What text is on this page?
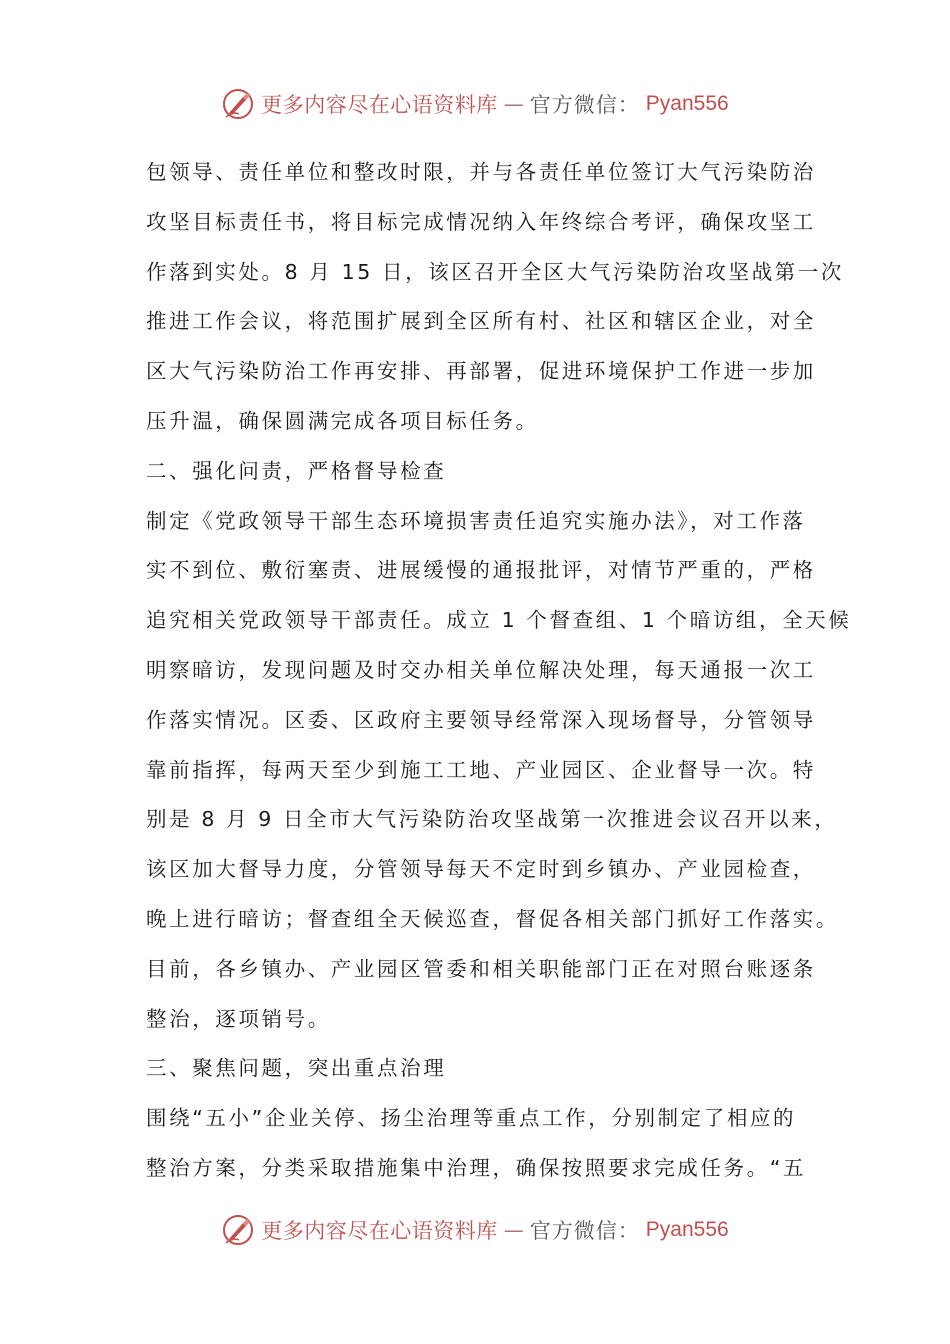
更多内容尽在心语资料库 — 官方微信： Pyan556
包领导、责任单位和整改时限，并与各责任单位签订大气污染防治
攻坚目标责任书，将目标完成情况纳入年终综合考评，确保攻坚工
作落到实处。8 月 15 日，该区召开全区大气污染防治攻坚战第一次
推进工作会议，将范围扩展到全区所有村、社区和辖区企业，对全
区大气污染防治工作再安排、再部署，促进环境保护工作进一步加
压升温，确保圆满完成各项目标任务。
二、强化问责，严格督导检查
制定《党政领导干部生态环境损害责任追究实施办法》，对工作落
实不到位、敷衍塞责、进展缓慢的通报批评，对情节严重的，严格
追究相关党政领导干部责任。成立 1 个督查组、1 个暗访组，全天候
明察暗访，发现问题及时交办相关单位解决处理，每天通报一次工
作落实情况。区委、区政府主要领导经常深入现场督导，分管领导
靠前指挥，每两天至少到施工工地、产业园区、企业督导一次。特
别是 8 月 9 日全市大气污染防治攻坚战第一次推进会议召开以来，
该区加大督导力度，分管领导每天不定时到乡镇办、产业园检查，
晚上进行暗访；督查组全天候巡查，督促各相关部门抓好工作落实。
目前，各乡镇办、产业园区管委和相关职能部门正在对照台账逐条
整治，逐项销号。
三、聚焦问题，突出重点治理
围绕“五小”企业关停、扬尘治理等重点工作，分别制定了相应的
整治方案，分类采取措施集中治理，确保按照要求完成任务。“五
更多内容尽在心语资料库 — 官方微信： Pyan556
